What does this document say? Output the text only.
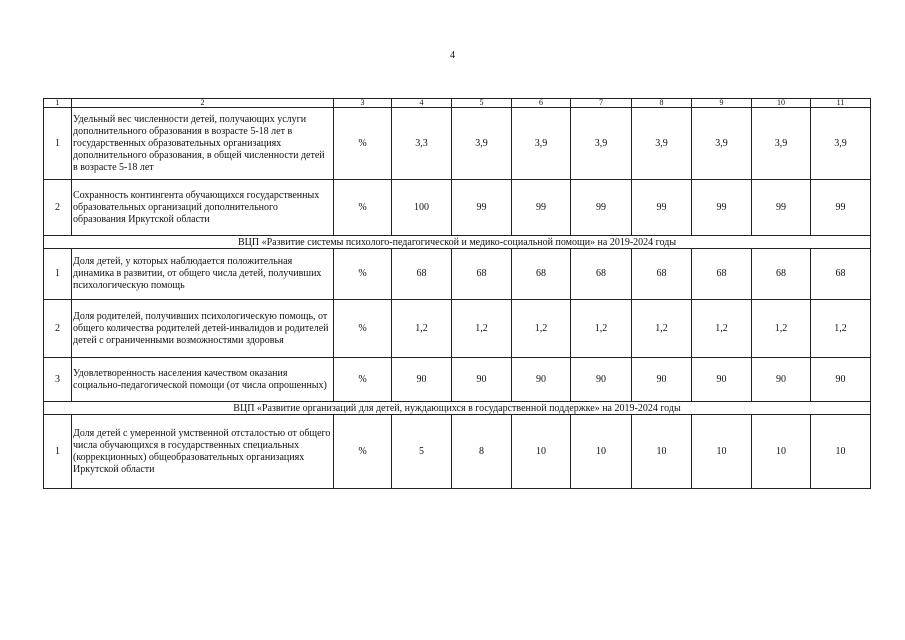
4
1	2	3	4	5	6	7	8	9	10	11
1	Удельный вес численности детей, получающих услуги дополнительного образования в возрасте 5-18 лет в государственных образовательных организациях дополнительного образования, в общей численности детей в возрасте 5-18 лет	%	3,3	3,9	3,9	3,9	3,9	3,9	3,9	3,9
2	Сохранность контингента обучающихся государственных образовательных организаций дополнительного образования Иркутской области	%	100	99	99	99	99	99	99	99
ВЦП «Развитие системы психолого-педагогической и медико-социальной помощи» на 2019-2024 годы										
1	Доля детей, у которых наблюдается положительная динамика в развитии, от общего числа детей, получивших психологическую помощь	%	68	68	68	68	68	68	68	68
2	Доля родителей, получивших психологическую помощь, от общего количества родителей детей-инвалидов и родителей детей с ограниченными возможностями здоровья	%	1,2	1,2	1,2	1,2	1,2	1,2	1,2	1,2
3	Удовлетворенность населения качеством оказания социально-педагогической помощи (от числа опрошенных)	%	90	90	90	90	90	90	90	90
ВЦП «Развитие организаций для детей, нуждающихся в государственной поддержке» на 2019-2024 годы										
1	Доля детей с умеренной умственной отсталостью от общего числа обучающихся в государственных специальных (коррекционных) общеобразовательных организациях Иркутской области	%	5	8	10	10	10	10	10	10
